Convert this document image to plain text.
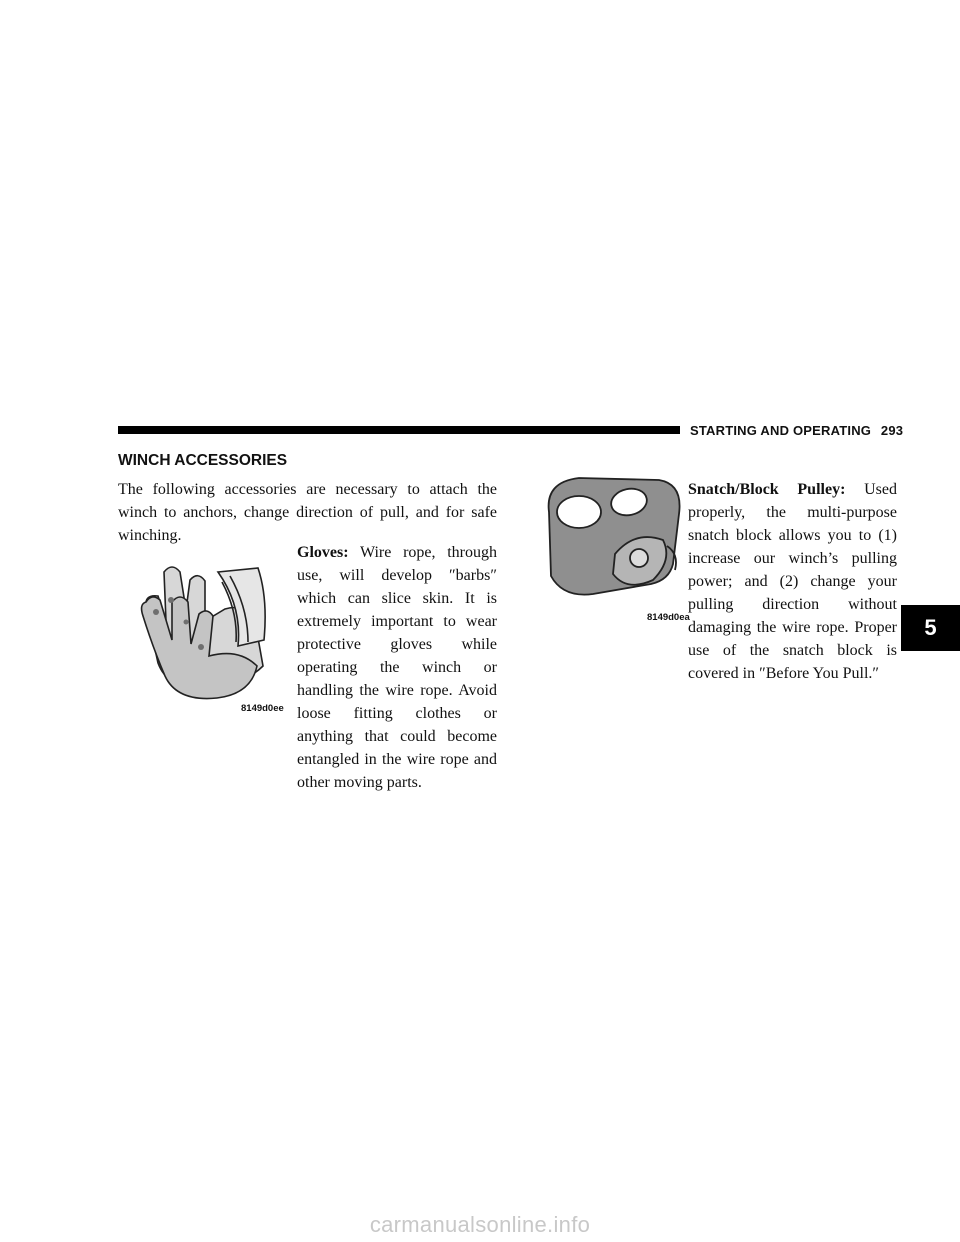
STARTING AND OPERATING 293
WINCH ACCESSORIES

The following accessories are necessary to attach the winch to anchors, change direction of pull, and for safe winching.

8149d0ee

Gloves: Wire rope, through use, will develop ″barbs″ which can slice skin. It is extremely important to wear protective gloves while operating the winch or handling the wire rope. Avoid loose fitting clothes or anything that could become entangled in the wire rope and other moving parts.

8149d0ea

Snatch/Block Pulley: Used properly, the multi-purpose snatch block allows you to (1) increase our winch’s pulling power; and (2) change your pulling direction without damaging the wire rope. Proper use of the snatch block is covered in ″Before You Pull.″

5
carmanualsonline.info
